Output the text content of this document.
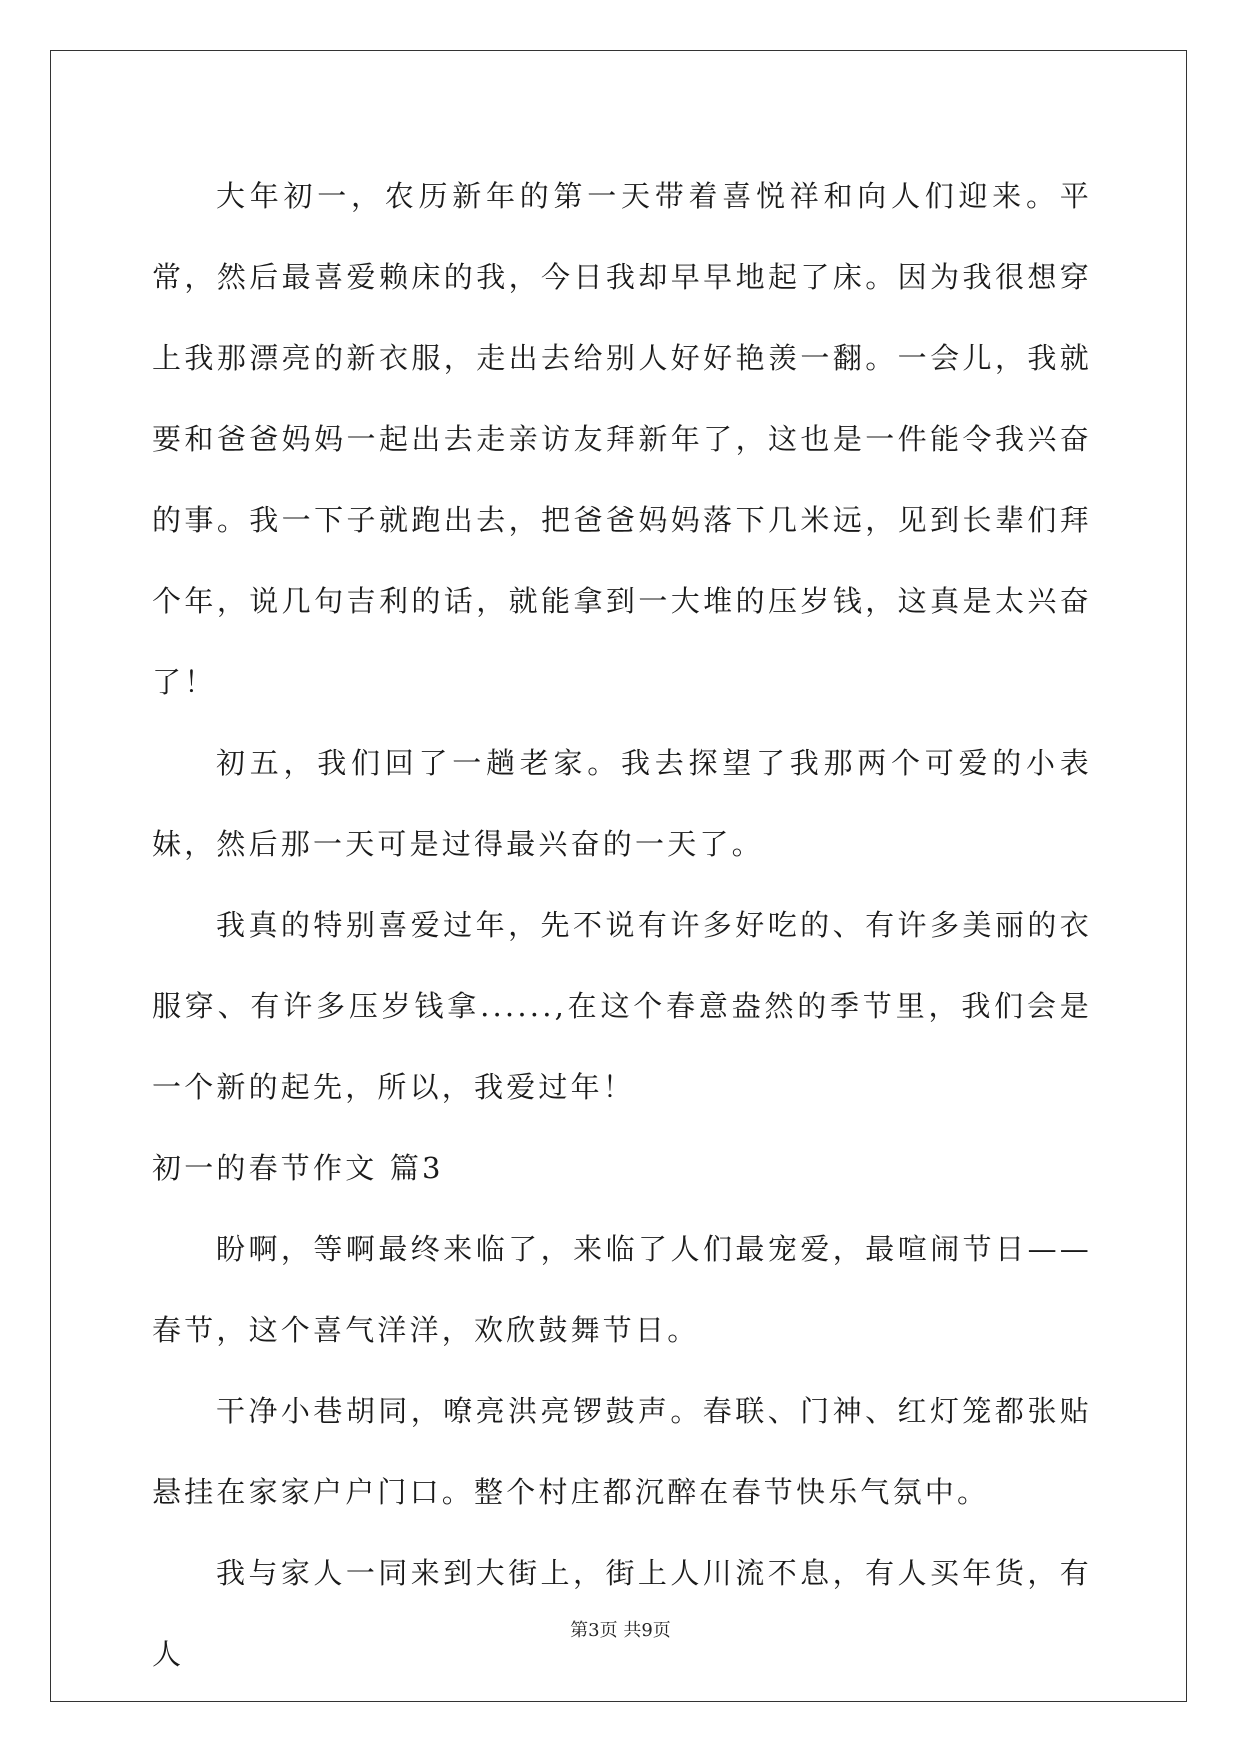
大年初一，农历新年的第一天带着喜悦祥和向人们迎来。平常，然后最喜爱赖床的我，今日我却早早地起了床。因为我很想穿上我那漂亮的新衣服，走出去给别人好好艳羡一翻。一会儿，我就要和爸爸妈妈一起出去走亲访友拜新年了，这也是一件能令我兴奋的事。我一下子就跑出去，把爸爸妈妈落下几米远，见到长辈们拜个年，说几句吉利的话，就能拿到一大堆的压岁钱，这真是太兴奋了！

初五，我们回了一趟老家。我去探望了我那两个可爱的小表妹，然后那一天可是过得最兴奋的一天了。

我真的特别喜爱过年，先不说有许多好吃的、有许多美丽的衣服穿、有许多压岁钱拿......,在这个春意盎然的季节里，我们会是一个新的起先，所以，我爱过年！

初一的春节作文 篇3

盼啊，等啊最终来临了，来临了人们最宠爱，最喧闹节日——春节，这个喜气洋洋，欢欣鼓舞节日。

干净小巷胡同，嘹亮洪亮锣鼓声。春联、门神、红灯笼都张贴悬挂在家家户户门口。整个村庄都沉醉在春节快乐气氛中。

我与家人一同来到大街上，街上人川流不息，有人买年货，有人

第3页 共9页
